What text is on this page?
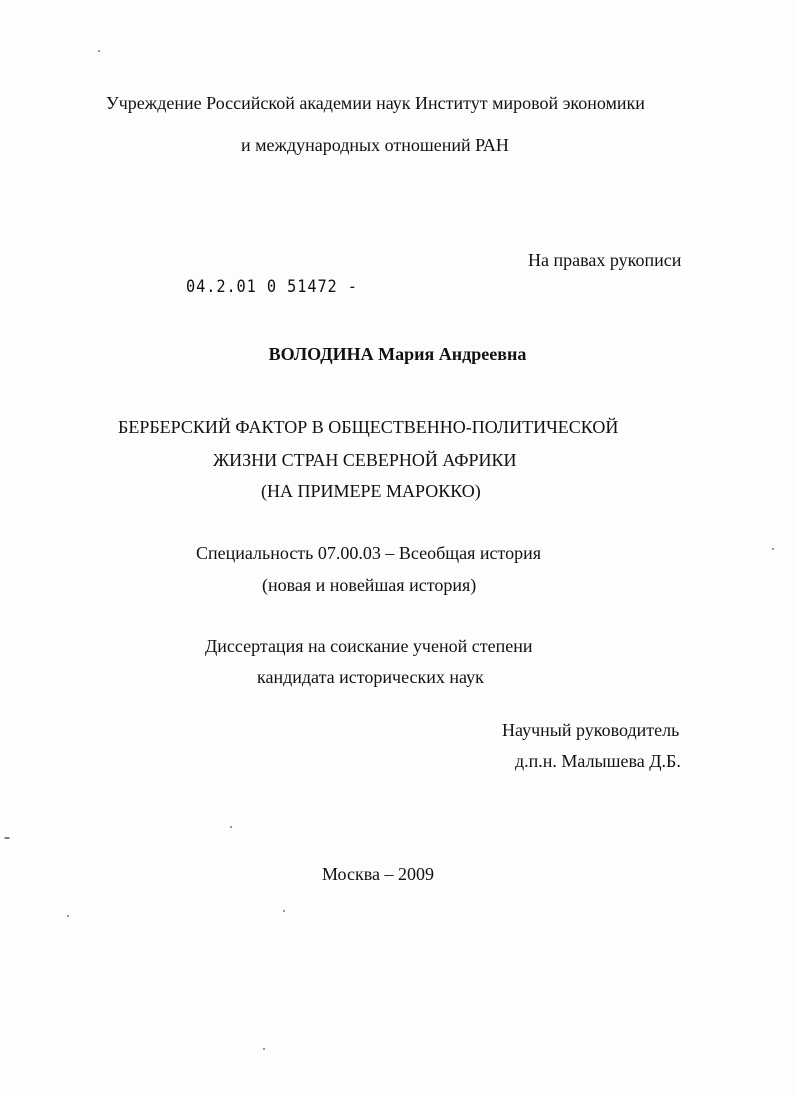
Учреждение Российской академии наук Институт мировой экономики
и международных отношений РАН
На правах рукописи
04.2.01 0 51472 -
ВОЛОДИНА Мария Андреевна
БЕРБЕРСКИЙ ФАКТОР В ОБЩЕСТВЕННО-ПОЛИТИЧЕСКОЙ
ЖИЗНИ СТРАН СЕВЕРНОЙ АФРИКИ
(НА ПРИМЕРЕ МАРОККО)
Специальность 07.00.03 – Всеобщая история
(новая и новейшая история)
Диссертация на соискание ученой степени
кандидата исторических наук
Научный руководитель
д.п.н. Малышева Д.Б.
Москва – 2009
